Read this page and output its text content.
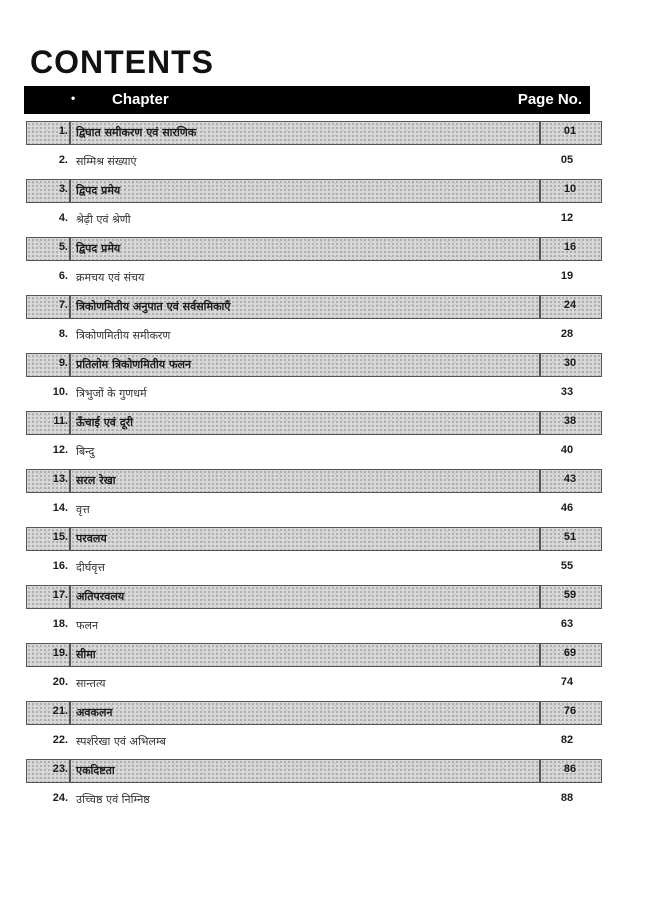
CONTENTS
• Chapter	Page No.
1. द्विघात समीकरण एवं सारणिक	01
2. सम्मिश्र संख्याएं	05
3. द्विपद प्रमेय	10
4. श्रेढ़ी एवं श्रेणी	12
5. द्विपद प्रमेय	16
6. क्रमचय एवं संचय	19
7. त्रिकोणमितीय अनुपात एवं सर्वसमिकाएँ	24
8. त्रिकोणमितीय समीकरण	28
9. प्रतिलोम त्रिकोणमितीय फलन	30
10. त्रिभुजों के गुणधर्म	33
11. ऊँचाई एवं दूरी	38
12. बिन्दु	40
13. सरल रेखा	43
14. वृत्त	46
15. परवलय	51
16. दीर्घवृत्त	55
17. अतिपरवलय	59
18. फलन	63
19. सीमा	69
20. सान्तत्य	74
21. अवकलन	76
22. स्पर्शरेखा एवं अभिलम्ब	82
23. एकदिष्टता	86
24. उच्चिष्ठ एवं निम्निष्ठ	88
